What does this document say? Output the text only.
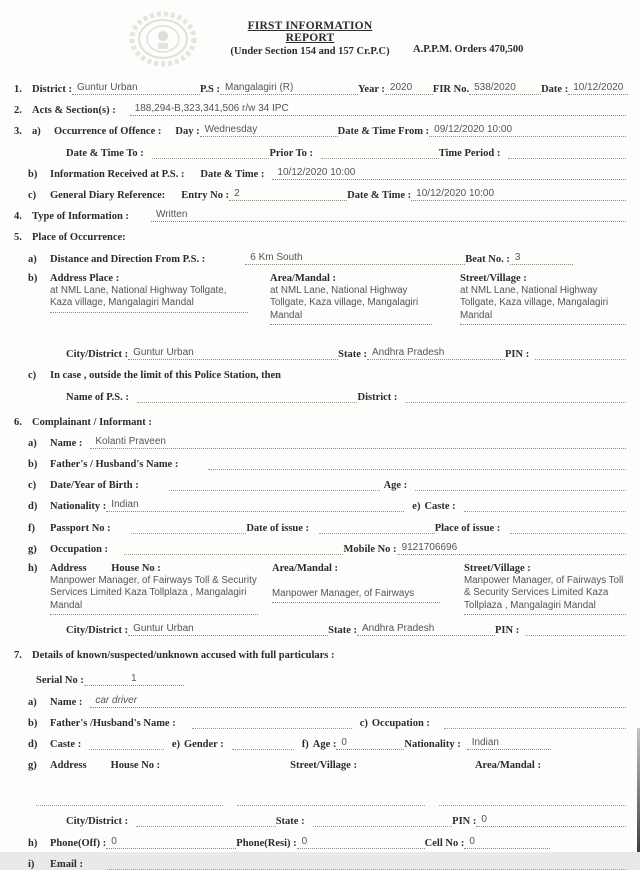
FIRST INFORMATION REPORT
(Under Section 154 and 157 Cr.P.C)	A.P.P.M. Orders 470,500
1. District : Guntur Urban	P.S : Mangalagiri (R)	Year : 2020	FIR No. 538/2020	Date : 10/12/2020
2. Acts & Section(s) :	188,294-B,323,341,506 r/w 34 IPC
3. a)	Occurrence of Offence : Day : Wednesday	Date & Time From : 09/12/2020 10:00
Date & Time To :	Prior To :	Time Period :
b)	Information Received at P.S. : Date & Time :	10/12/2020 10:00
c)	General Diary Reference: Entry No : 2	Date & Time : 10/12/2020 10:00
4. Type of Information :	Written
5. Place of Occurrence:
a)	Distance and Direction From P.S. :	6 Km South	Beat No. : 3
b)	Address Place :
at NML Lane, National Highway Tollgate, Kaza village, Mangalagiri Mandal
Area/Mandal :
at NML Lane, National Highway Tollgate, Kaza village, Mangalagiri Mandal
Street/Village :
at NML Lane, National Highway Tollgate, Kaza village, Mangalagiri Mandal
City/District : Guntur Urban	State : Andhra Pradesh	PIN :
c)	In case , outside the limit of this Police Station, then
Name of P.S. :	District :
6. Complainant / Informant :
a)	Name :	Kolanti Praveen
b)	Father's / Husband's Name :
c)	Date/Year of Birth :	Age :
d)	Nationality : Indian	e) Caste :
f)	Passport No :	Date of issue :	Place of issue :
g)	Occupation :	Mobile No : 9121706696
h)	Address House No :
Manpower Manager, of Fairways Toll & Security Services Limited Kaza Tollplaza , Mangalagiri Mandal
Area/Mandal :
Manpower Manager, of Fairways
Street/Village :
Manpower Manager, of Fairways Toll & Security Services Limited Kaza Tollplaza , Mangalagiri Mandal
City/District : Guntur Urban	State : Andhra Pradesh	PIN :
7. Details of known/suspected/unknown accused with full particulars :
Serial No :	1
a)	Name :	car driver
b)	Father's /Husband's Name :	c) Occupation :
d)	Caste :	e) Gender :	f) Age : 0	Nationality :	Indian
g)	Address House No :	Street/Village :	Area/Mandal :
City/District :	State :	PIN : 0
h)	Phone(Off) : 0	Phone(Resi) : 0	Cell No : 0
i)	Email :
